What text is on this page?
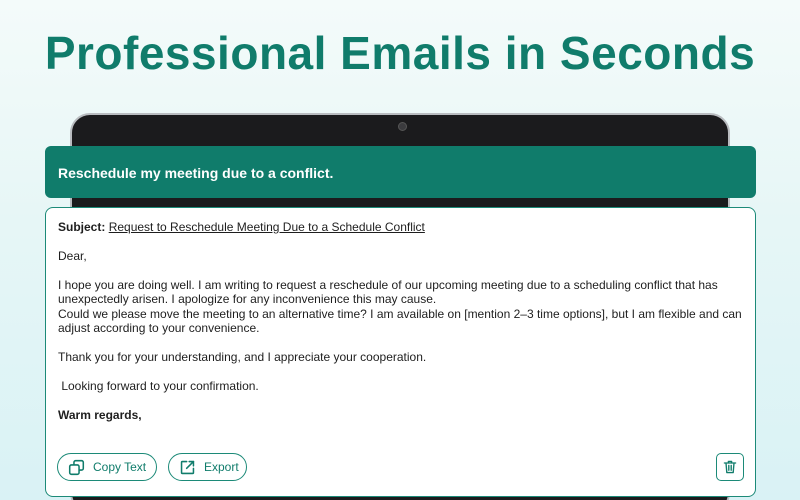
Professional Emails in Seconds
Reschedule my meeting due to a conflict.
Subject: Request to Reschedule Meeting Due to a Schedule Conflict

Dear,

I hope you are doing well. I am writing to request a reschedule of our upcoming meeting due to a scheduling conflict that has unexpectedly arisen. I apologize for any inconvenience this may cause.

Could we please move the meeting to an alternative time? I am available on [mention 2–3 time options], but I am flexible and can adjust according to your convenience.

Thank you for your understanding, and I appreciate your cooperation.

Looking forward to your confirmation.

Warm regards,
Copy Text	Export
